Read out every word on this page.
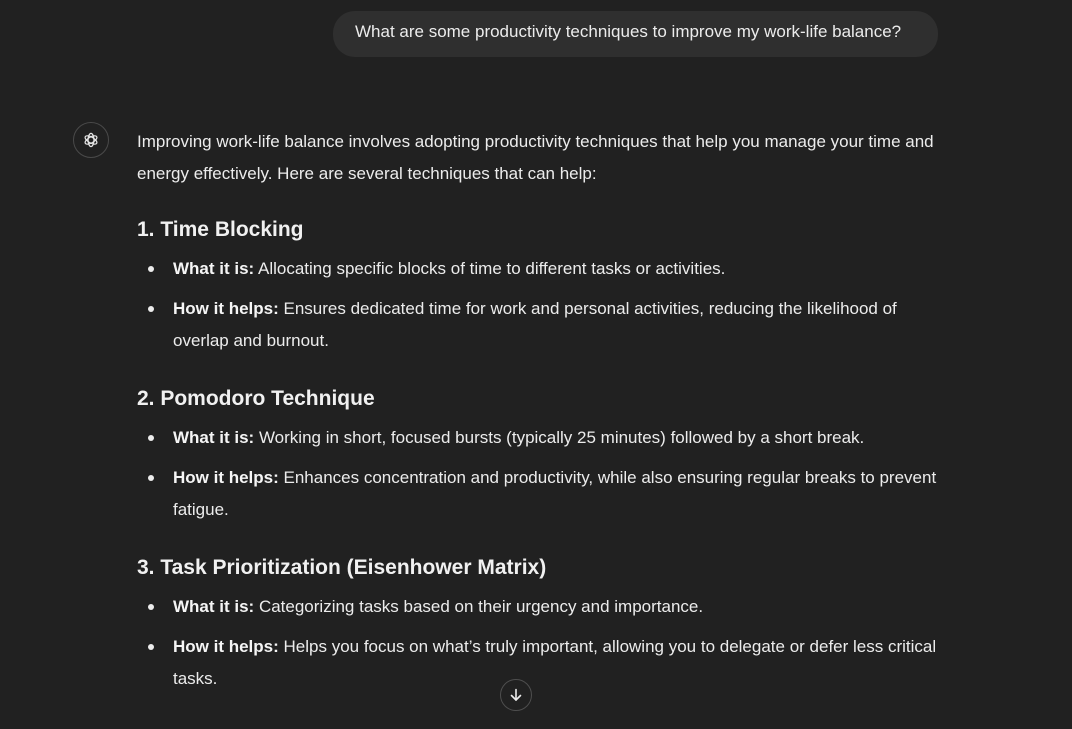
What are some productivity techniques to improve my work-life balance?

Improving work-life balance involves adopting productivity techniques that help you manage your time and energy effectively. Here are several techniques that can help:

1. Time Blocking
What it is: Allocating specific blocks of time to different tasks or activities.
How it helps: Ensures dedicated time for work and personal activities, reducing the likelihood of overlap and burnout.
2. Pomodoro Technique
What it is: Working in short, focused bursts (typically 25 minutes) followed by a short break.
How it helps: Enhances concentration and productivity, while also ensuring regular breaks to prevent fatigue.
3. Task Prioritization (Eisenhower Matrix)
What it is: Categorizing tasks based on their urgency and importance.
How it helps: Helps you focus on what’s truly important, allowing you to delegate or defer less critical tasks.
